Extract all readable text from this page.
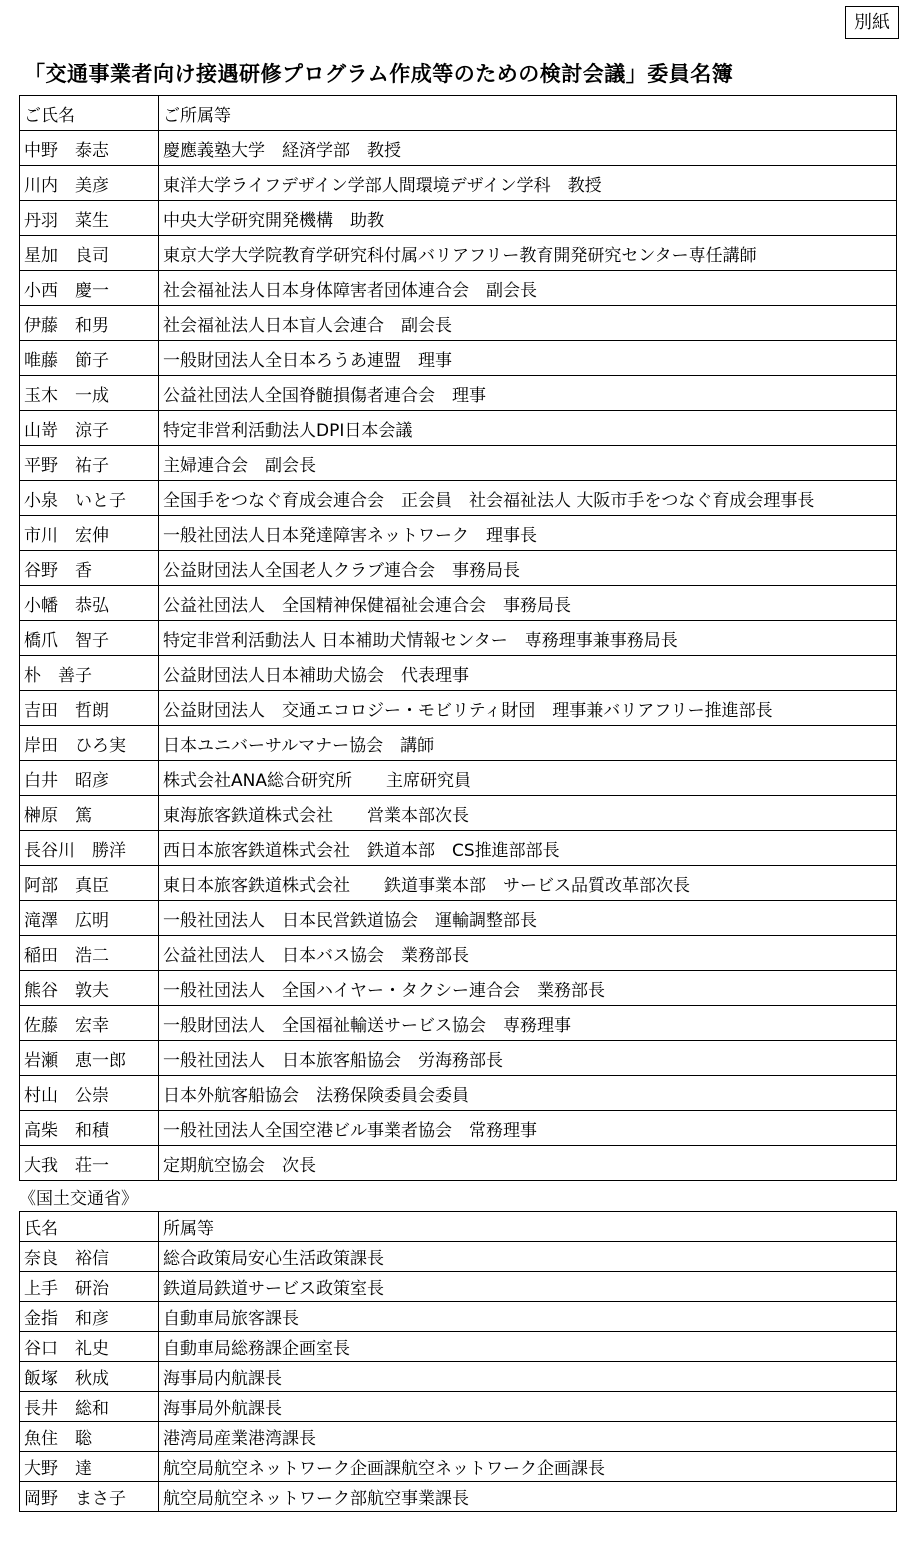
別紙
「交通事業者向け接遇研修プログラム作成等のための検討会議」委員名簿
ご氏名	ご所属等
中野　泰志	慶應義塾大学　経済学部　教授
川内　美彦	東洋大学ライフデザイン学部人間環境デザイン学科　教授
丹羽　菜生	中央大学研究開発機構　助教
星加　良司	東京大学大学院教育学研究科付属バリアフリー教育開発研究センター専任講師
小西　慶一	社会福祉法人日本身体障害者団体連合会　副会長
伊藤　和男	社会福祉法人日本盲人会連合　副会長
唯藤　節子	一般財団法人全日本ろうあ連盟　理事
玉木　一成	公益社団法人全国脊髄損傷者連合会　理事
山嵜　涼子	特定非営利活動法人DPI日本会議
平野　祐子	主婦連合会　副会長
小泉　いと子	全国手をつなぐ育成会連合会　正会員　社会福祉法人 大阪市手をつなぐ育成会理事長
市川　宏伸	一般社団法人日本発達障害ネットワーク　理事長
谷野　香	公益財団法人全国老人クラブ連合会　事務局長
小幡　恭弘	公益社団法人　全国精神保健福祉会連合会　事務局長
橋爪　智子	特定非営利活動法人 日本補助犬情報センター　専務理事兼事務局長
朴　善子	公益財団法人日本補助犬協会　代表理事
吉田　哲朗	公益財団法人　交通エコロジー・モビリティ財団　理事兼バリアフリー推進部長
岸田　ひろ実	日本ユニバーサルマナー協会　講師
白井　昭彦	株式会社ANA総合研究所　　主席研究員
榊原　篤	東海旅客鉄道株式会社　　営業本部次長
長谷川　勝洋	西日本旅客鉄道株式会社　鉄道本部　CS推進部部長
阿部　真臣	東日本旅客鉄道株式会社　　鉄道事業本部　サービス品質改革部次長
滝澤　広明	一般社団法人　日本民営鉄道協会　運輸調整部長
稲田　浩二	公益社団法人　日本バス協会　業務部長
熊谷　敦夫	一般社団法人　全国ハイヤー・タクシー連合会　業務部長
佐藤　宏幸	一般財団法人　全国福祉輸送サービス協会　専務理事
岩瀬　恵一郎	一般社団法人　日本旅客船協会　労海務部長
村山　公崇	日本外航客船協会　法務保険委員会委員
高柴　和積	一般社団法人全国空港ビル事業者協会　常務理事
大我　荘一	定期航空協会　次長
《国土交通省》
氏名	所属等
奈良　裕信	総合政策局安心生活政策課長
上手　研治	鉄道局鉄道サービス政策室長
金指　和彦	自動車局旅客課長
谷口　礼史	自動車局総務課企画室長
飯塚　秋成	海事局内航課長
長井　総和	海事局外航課長
魚住　聡	港湾局産業港湾課長
大野　達	航空局航空ネットワーク企画課航空ネットワーク企画課長
岡野　まさ子	航空局航空ネットワーク部航空事業課長
